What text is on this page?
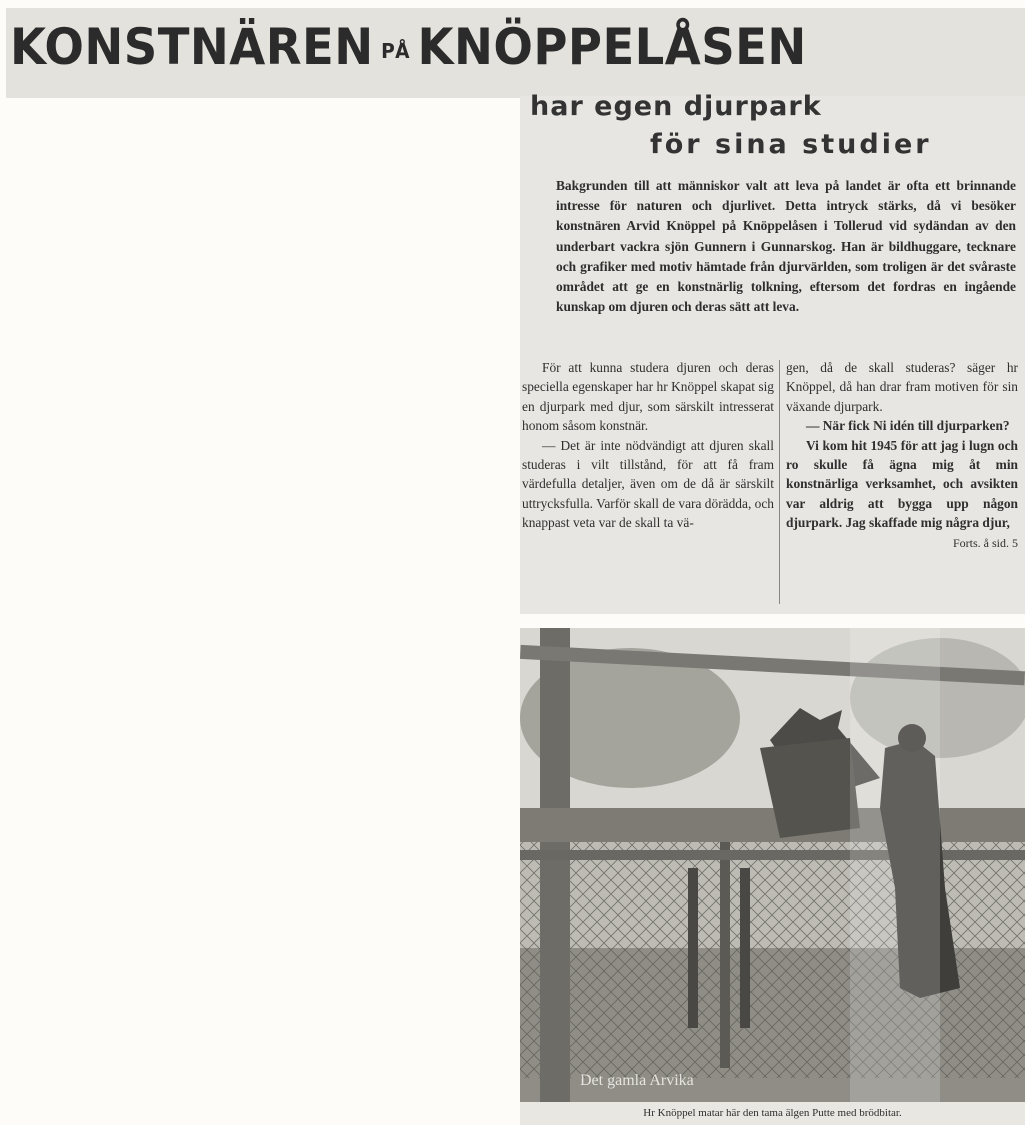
KONSTNÄREN PÅ KNÖPPELÅSEN
har egen djurpark
för sina studier

Bakgrunden till att människor valt att leva på landet är ofta ett brinnande intresse för naturen och djurlivet. Detta intryck stärks, då vi besöker konstnären Arvid Knöppel på Knöppelåsen i Tollerud vid sydändan av den underbart vackra sjön Gunnern i Gunnarskog. Han är bildhuggare, tecknare och grafiker med motiv hämtade från djurvärlden, som troligen är det svåraste området att ge en konstnärlig tolkning, eftersom det fordras en ingående kunskap om djuren och deras sätt att leva.

För att kunna studera djuren och deras speciella egenskaper har hr Knöppel skapat sig en djurpark med djur, som särskilt intresserat honom såsom konstnär.

— Det är inte nödvändigt att djuren skall studeras i vilt tillstånd, för att få fram värdefulla detaljer, även om de då är särskilt uttrycksfulla. Varför skall de vara dörädda, och knappast veta var de skall ta vä-

gen, då de skall studeras? säger hr Knöppel, då han drar fram motiven för sin växande djurpark.

— När fick Ni idén till djurparken?

Vi kom hit 1945 för att jag i lugn och ro skulle få ägna mig åt min konstnärliga verksamhet, och avsikten var aldrig att bygga upp någon djurpark. Jag skaffade mig några djur,

Forts. å sid. 5
Det gamla Arvika
Hr Knöppel matar här den tama älgen Putte med brödbitar.
